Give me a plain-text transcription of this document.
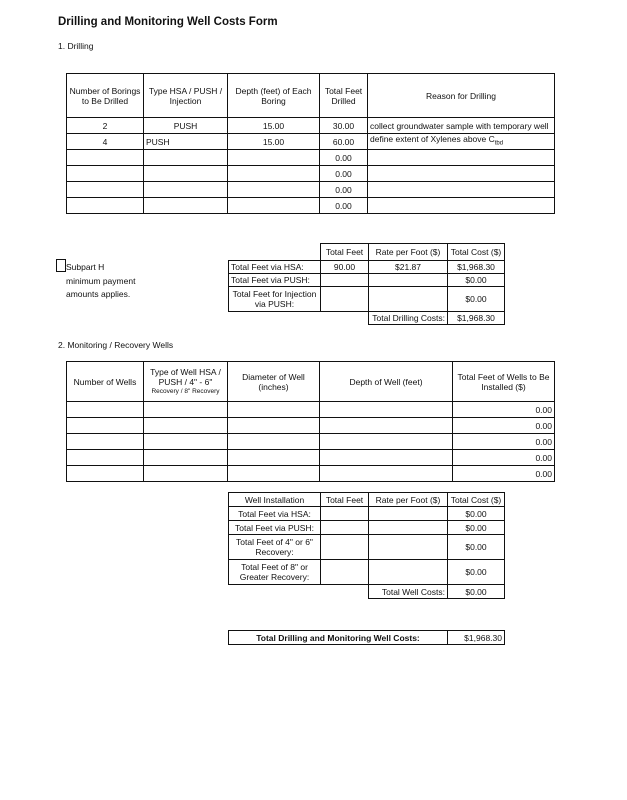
Drilling and Monitoring Well Costs Form
1. Drilling
Number of Borings to Be Drilled	Type HSA / PUSH / Injection	Depth (feet) of Each Boring	Total Feet Drilled	Reason for Drilling
2	PUSH	15.00	30.00	collect groundwater sample with temporary well
4	PUSH	15.00	60.00	define extent of Xylenes above $C_{tbd}$
			0.00	
			0.00	
			0.00	
			0.00	
Subpart H
minimum payment
amounts applies.
	Total Feet	Rate per Foot ($)	Total Cost ($)
Total Feet via HSA:	90.00	$21.87	$1,968.30
Total Feet via PUSH:			$0.00
Total Feet for Injection via PUSH:			$0.00
		Total Drilling Costs:	$1,968.30
2. Monitoring / Recovery Wells
Number of Wells	Type of Well HSA / PUSH / 4" - 6"
Recovery / 8" Recovery	Diameter of Well (inches)	Depth of Well (feet)	Total Feet of Wells to Be Installed ($)
				0.00
				0.00
				0.00
				0.00
				0.00
Well Installation	Total Feet	Rate per Foot ($)	Total Cost ($)
Total Feet via HSA:			$0.00
Total Feet via PUSH:			$0.00
Total Feet of 4" or 6" Recovery:			$0.00
Total Feet of 8" or Greater Recovery:			$0.00
		Total Well Costs:	$0.00
Total Drilling and Monitoring Well Costs:	$1,968.30
